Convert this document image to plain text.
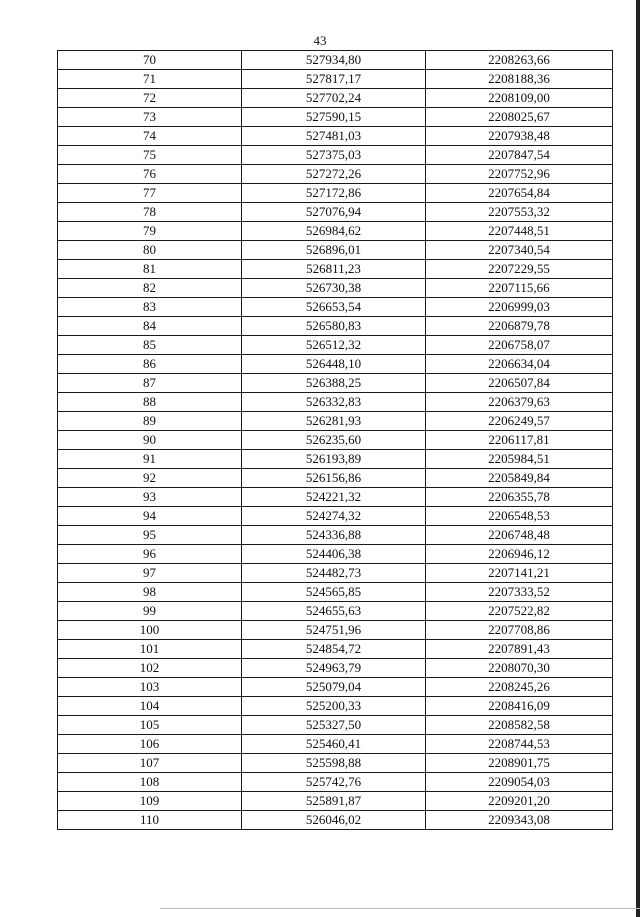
43
70	527934,80	2208263,66
71	527817,17	2208188,36
72	527702,24	2208109,00
73	527590,15	2208025,67
74	527481,03	2207938,48
75	527375,03	2207847,54
76	527272,26	2207752,96
77	527172,86	2207654,84
78	527076,94	2207553,32
79	526984,62	2207448,51
80	526896,01	2207340,54
81	526811,23	2207229,55
82	526730,38	2207115,66
83	526653,54	2206999,03
84	526580,83	2206879,78
85	526512,32	2206758,07
86	526448,10	2206634,04
87	526388,25	2206507,84
88	526332,83	2206379,63
89	526281,93	2206249,57
90	526235,60	2206117,81
91	526193,89	2205984,51
92	526156,86	2205849,84
93	524221,32	2206355,78
94	524274,32	2206548,53
95	524336,88	2206748,48
96	524406,38	2206946,12
97	524482,73	2207141,21
98	524565,85	2207333,52
99	524655,63	2207522,82
100	524751,96	2207708,86
101	524854,72	2207891,43
102	524963,79	2208070,30
103	525079,04	2208245,26
104	525200,33	2208416,09
105	525327,50	2208582,58
106	525460,41	2208744,53
107	525598,88	2208901,75
108	525742,76	2209054,03
109	525891,87	2209201,20
110	526046,02	2209343,08
